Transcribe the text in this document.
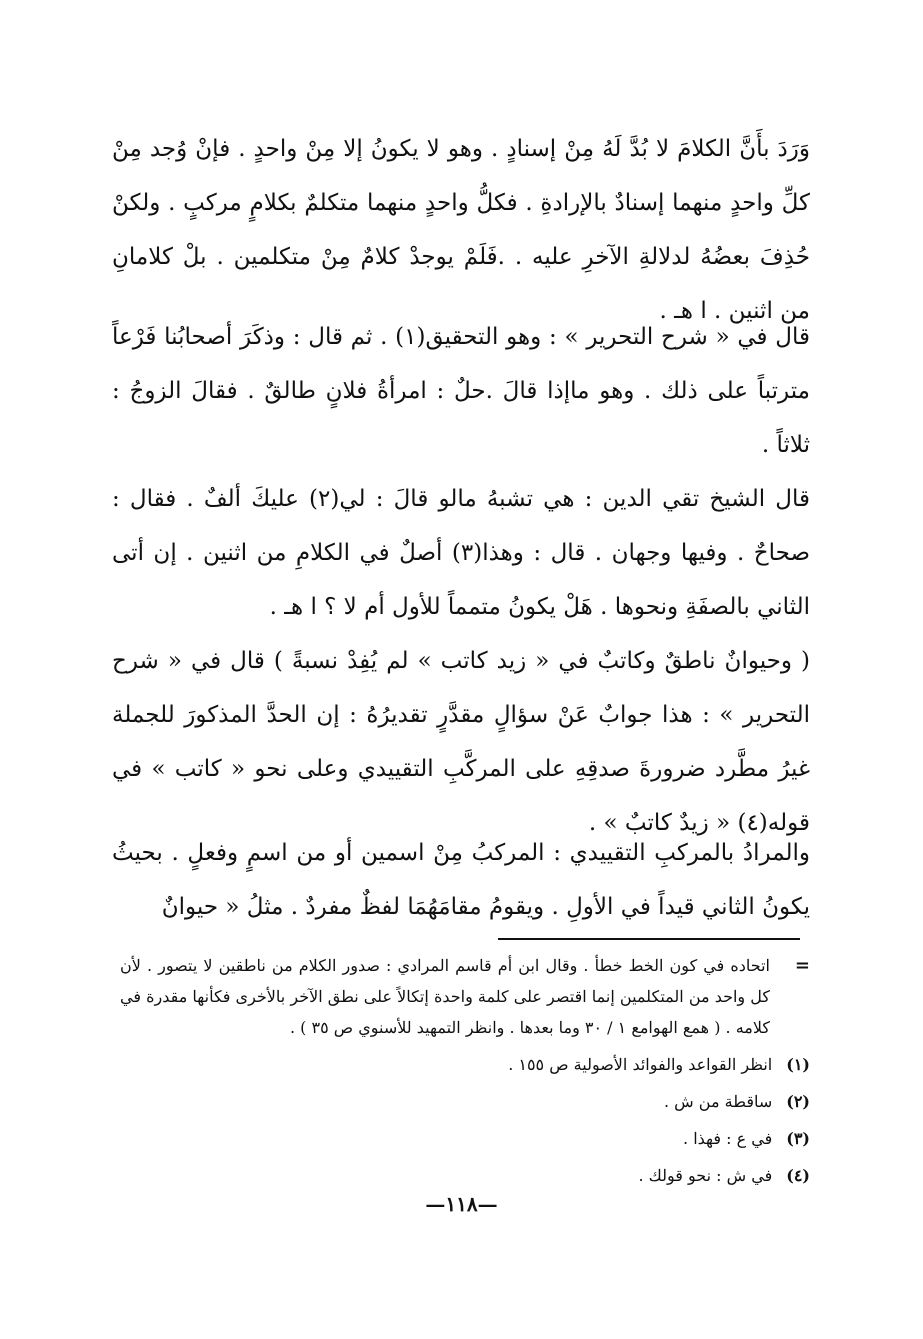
وَرَدَ بأَنَّ الكلامَ لا بُدَّ لَهُ مِنْ إسنادٍ . وهو لا يكونُ إلا مِنْ واحدٍ . فإنْ وُجد مِنْ كلِّ واحدٍ منهما إسنادٌ بالإرادةِ . فكلُّ واحدٍ منهما متكلمٌ بكلامٍ مركبٍ . ولكنْ حُذِفَ بعضُهُ لدلالةِ الآخرِ عليه . .فَلَمْ يوجدْ كلامٌ مِنْ متكلمين . بلْ كلامانِ من اثنين . ا هـ .

قال في « شرح التحرير » : وهو التحقيق(١) . ثم قال : وذكَرَ أصحابُنا فَرْعاً مترتباً على ذلك . وهو ماإذا قالَ .حلٌ : امرأةُ فلانٍ طالقٌ . فقالَ الزوجُ : ثلاثاً .

قال الشيخ تقي الدين : هي تشبهُ مالو قالَ : لي(٢) عليكَ ألفٌ . فقال : صحاحٌ . وفيها وجهان . قال : وهذا(٣) أصلٌ في الكلامِ من اثنين . إن أتى الثاني بالصفَةِ ونحوها . هَلْ يكونُ متمماً للأول أم لا ؟ ا هـ .

( وحيوانٌ ناطقٌ وكاتبٌ في « زيد كاتب » لم يُفِدْ نسبةً ) قال في « شرح التحرير » : هذا جوابٌ عَنْ سؤالٍ مقدَّرٍ تقديرُهُ : إن الحدَّ المذكورَ للجملة غيرُ مطَّرد ضرورةَ صدقِهِ على المركَّبِ التقييدي وعلى نحو « كاتب » في قوله(٤) « زيدٌ كاتبٌ » .

والمرادُ بالمركبِ التقييدي : المركبُ مِنْ اسمين أو من اسمٍ وفعلٍ . بحيثُ يكونُ الثاني قيداً في الأولِ . ويقومُ مقامَهُمَا لفظٌ مفردٌ . مثلُ « حيوانٌ

=
اتحاده في كون الخط خطأ . وقال ابن أم قاسم المرادي : صدور الكلام من ناطقين لا يتصور . لأن كل واحد من المتكلمين إنما اقتصر على كلمة واحدة إتكالاً على نطق الآخر بالأخرى فكأنها مقدرة في كلامه . ( همع الهوامع ١ / ٣٠ وما بعدها . وانظر التمهيد للأسنوي ص ٣٥ ) .
(١)انظر القواعد والفوائد الأصولية ص ١٥٥ .
(٢)ساقطة من ش .
(٣)في ع : فهذا .
(٤)في ش : نحو قولك .
—١١٨—
